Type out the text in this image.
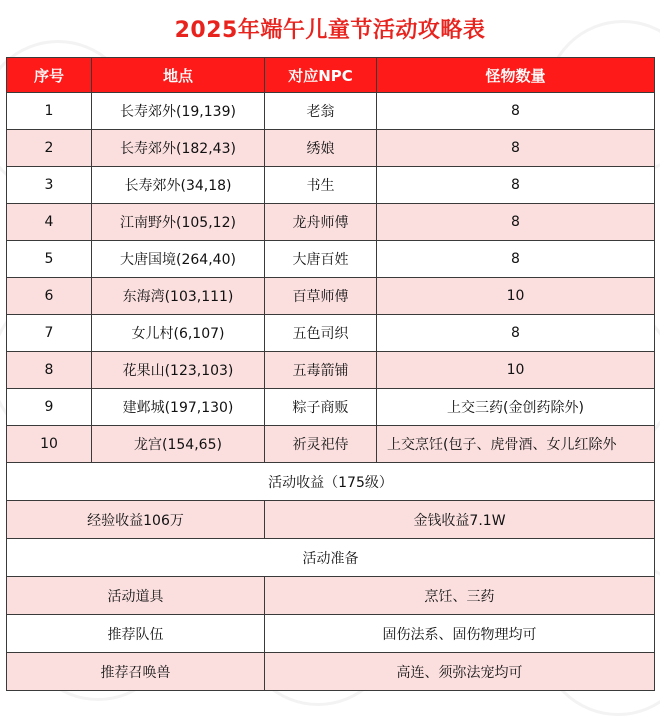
2025年端午儿童节活动攻略表
序号	地点	对应NPC	怪物数量
1	长寿郊外(19,139)	老翁	8
2	长寿郊外(182,43)	绣娘	8
3	长寿郊外(34,18)	书生	8
4	江南野外(105,12)	龙舟师傅	8
5	大唐国境(264,40)	大唐百姓	8
6	东海湾(103,111)	百草师傅	10
7	女儿村(6,107)	五色司织	8
8	花果山(123,103)	五毒箭铺	10
9	建邺城(197,130)	粽子商贩	上交三药(金创药除外)
10	龙宫(154,65)	祈灵祀侍	上交烹饪(包子、虎骨酒、女儿红除外
活动收益（175级）			
经验收益106万		金钱收益7.1W	
活动准备			
活动道具		烹饪、三药	
推荐队伍		固伤法系、固伤物理均可	
推荐召唤兽		高连、须弥法宠均可	
